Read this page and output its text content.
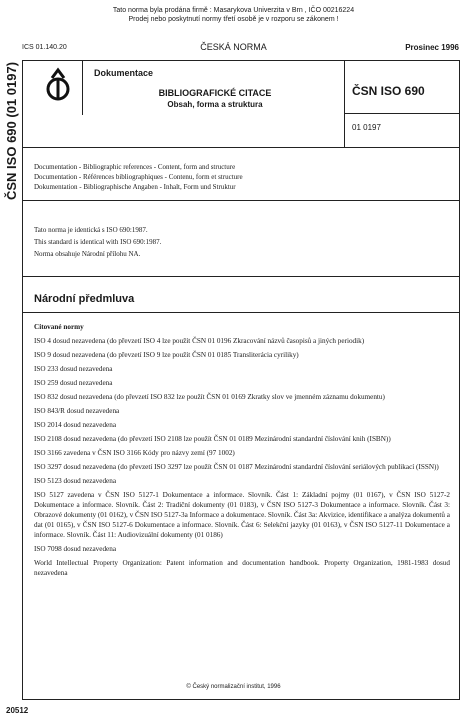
Tato norma byla prodána firmě : Masarykova Univerzita v Brn , IČO 00216224
Prodej nebo poskytnutí normy třetí osobě je v rozporu se zákonem !
ICS 01.140.20	ČESKÁ NORMA	Prosinec 1996
ČSN ISO 690 (01 0197)	Dokumentace
BIBLIOGRAFICKÉ CITACE
Obsah, forma a struktura
ČSN ISO 690
01 0197
Documentation - Bibliographic references - Content, form and structure
Documentation - Références bibliographiques - Contenu, form et structure
Dokumentation - Bibliographische Angaben - Inhalt, Form und Struktur
Tato norma je identická s ISO 690:1987.
This standard is identical with ISO 690:1987.
Norma obsahuje Národní přílohu NA.
Národní předmluva
Citované normy
ISO 4 dosud nezavedena (do převzetí ISO 4 lze použít ČSN 01 0196 Zkracování názvů časopisů a jiných periodik)
ISO 9 dosud nezavedena (do převzetí ISO 9 lze použít ČSN 01 0185 Transliterácia cyriliky)
ISO 233 dosud nezavedena
ISO 259 dosud nezavedena
ISO 832 dosud nezavedena (do převzetí ISO 832 lze použít ČSN 01 0169 Zkratky slov ve jmenném záznamu dokumentu)
ISO 843/R dosud nezavedena
ISO 2014 dosud nezavedena
ISO 2108 dosud nezavedena (do převzetí ISO 2108 lze použít ČSN 01 0189 Mezinárodní standardní číslování knih (ISBN))
ISO 3166 zavedena v ČSN ISO 3166 Kódy pro názvy zemí (97 1002)
ISO 3297 dosud nezavedena (do převzetí ISO 3297 lze použít ČSN 01 0187 Mezinárodní standardní číslování seriálových publikací (ISSN))
ISO 5123 dosud nezavedena
ISO 5127 zavedena v ČSN ISO 5127-1 Dokumentace a informace. Slovník. Část 1: Základní pojmy (01 0167), v ČSN ISO 5127-2 Dokumentace a informace. Slovník. Část 2: Tradiční dokumenty (01 0183), v ČSN ISO 5127-3 Dokumentace a informace. Slovník. Část 3: Obrazové dokumenty (01 0162), v ČSN ISO 5127-3a Informace a dokumentace. Slovník. Část 3a: Akvizice, identifikace a analýza dokumentů a dat (01 0165), v ČSN ISO 5127-6 Dokumentace a informace. Slovník. Část 6: Selekční jazyky (01 0163), v ČSN ISO 5127-11 Dokumentace a informace. Slovník. Část 11: Audiovizuální dokumenty (01 0186)
ISO 7098 dosud nezavedena
World Intellectual Property Organization: Patent information and documentation handbook. Property Organization, 1981-1983 dosud nezavedena
© Český normalizační institut, 1996
20512
